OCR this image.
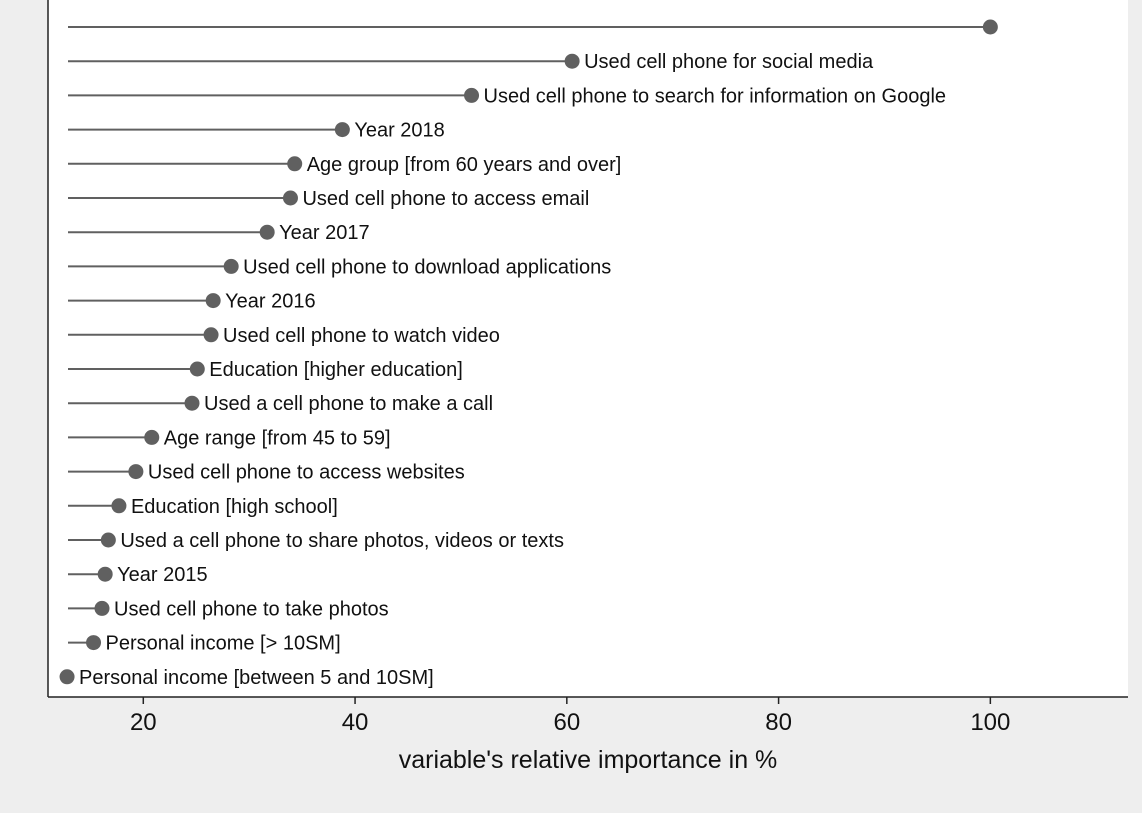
Used cell phone for social media
Used cell phone to search for information on Google
Year 2018
Age group [from 60 years and over]
Used cell phone to access email
Year 2017
Used cell phone to download applications
Year 2016
Used cell phone to watch video
Education [higher education]
Used a cell phone to make a call
Age range [from 45 to 59]
Used cell phone to access websites
Education [high school]
Used a cell phone to share photos, videos or texts
Year 2015
Used cell phone to take photos
Personal income [> 10SM]
Personal income [between 5 and 10SM]
20	40	60	80	100
variable's relative importance in %
